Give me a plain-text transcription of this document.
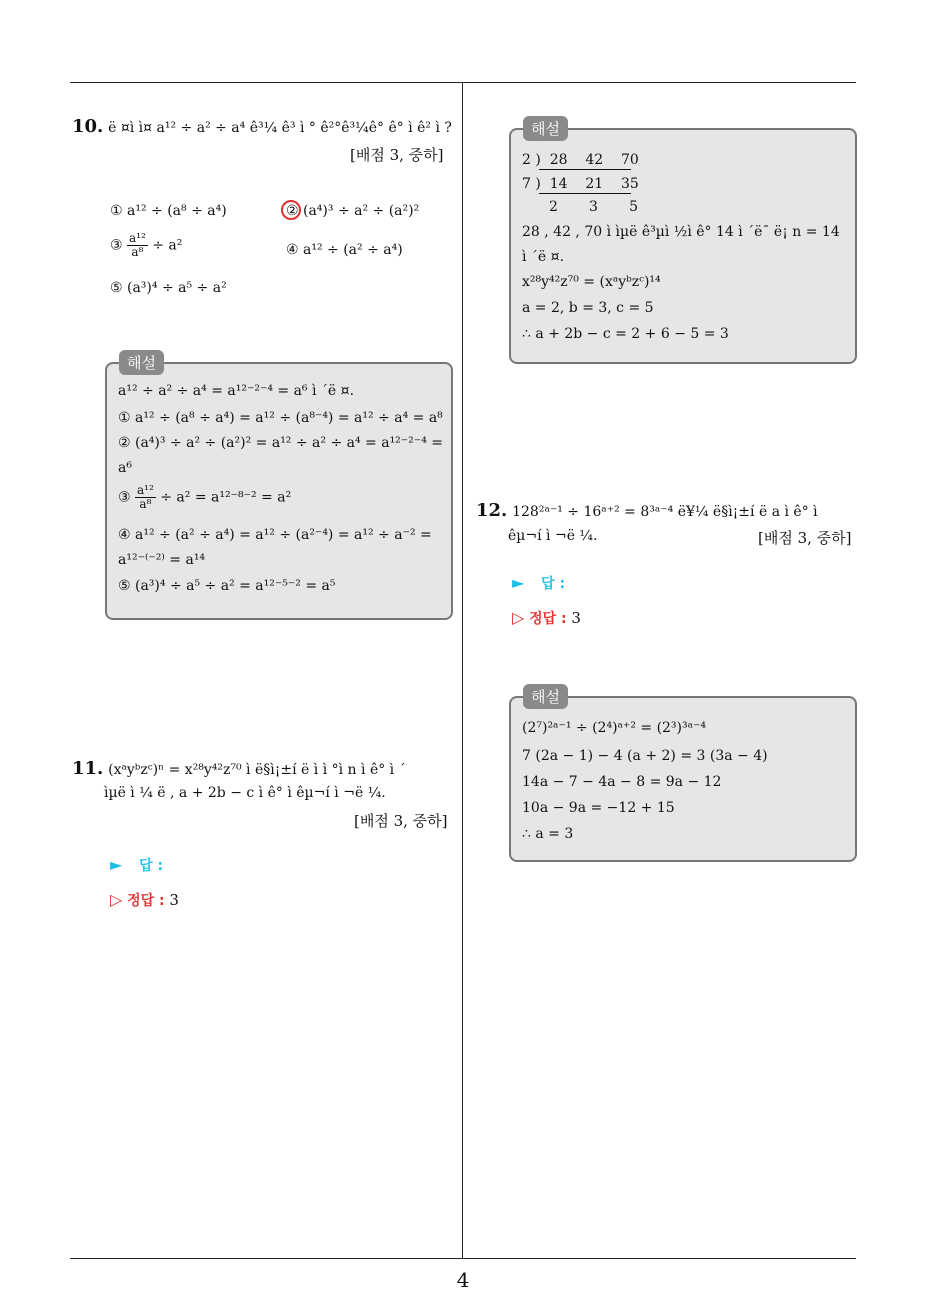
10. ë ¤ì ì¤ a¹² ÷ a² ÷ a⁴ ê³¼ ê³ ì ° ê²°ê³¼ê° ê° ì ê² ì ?
[배점 3, 중하]
① a¹² ÷ (a⁸ ÷ a⁴)	② (a⁴)³ ÷ a² ÷ (a²)²
③ $\frac{\text{a¹²}}{\text{a⁸}} \div a^2$	④ a¹² ÷ (a² ÷ a⁴)
⑤ (a³)⁴ ÷ a⁵ ÷ a²
해설
a¹² ÷ a² ÷ a⁴ = a¹²⁻²⁻⁴ = a⁶ ì ´ë ¤.
① a¹² ÷ (a⁸ ÷ a⁴) = a¹² ÷ (a⁸⁻⁴) = a¹² ÷ a⁴ = a⁸
② (a⁴)³ ÷ a² ÷ (a²)² = a¹² ÷ a² ÷ a⁴ = a¹²⁻²⁻⁴ =
a⁶
③ $\frac{\text{a¹²}}{\text{a⁸}} \div a^2 = a^{12-8-2} = a^2$
④ a¹² ÷ (a² ÷ a⁴) = a¹² ÷ (a²⁻⁴) = a¹² ÷ a⁻² =
a¹²⁻⁽⁻²⁾ = a¹⁴
⑤ (a³)⁴ ÷ a⁵ ÷ a² = a¹²⁻⁵⁻² = a⁵
11. (xᵃyᵇzᶜ)ⁿ = x²⁸y⁴²z⁷⁰ ì ë§ì¡±í ë ì ì °ì n ì ê° ì ´
ìµë ì ¼ ë , a + 2b − c ì ê° ì êµ¬í ì ¬ë ¼.
[배점 3, 중하]
► 답 :
▷ 정답 : 3
해설
2 )  28    42    70
7 )  14    21    35
2       3       5
28 , 42 , 70 ì ìµë ê³µì ½ì ê° 14 ì ´ë¯ ë¡ n = 14
ì ´ë ¤.
x²⁸y⁴²z⁷⁰ = (xᵃyᵇzᶜ)¹⁴
a = 2, b = 3, c = 5
∴ a + 2b − c = 2 + 6 − 5 = 3
12. 128²ᵃ⁻¹ ÷ 16ᵃ⁺² = 8³ᵃ⁻⁴ ë¥¼ ë§ì¡±í ë a ì ê° ì
êµ¬í ì ¬ë ¼.	[배점 3, 중하]
► 답 :
▷ 정답 : 3
해설
(2⁷)²ᵃ⁻¹ ÷ (2⁴)ᵃ⁺² = (2³)³ᵃ⁻⁴
7 (2a − 1) − 4 (a + 2) = 3 (3a − 4)
14a − 7 − 4a − 8 = 9a − 12
10a − 9a = −12 + 15
∴ a = 3
4
